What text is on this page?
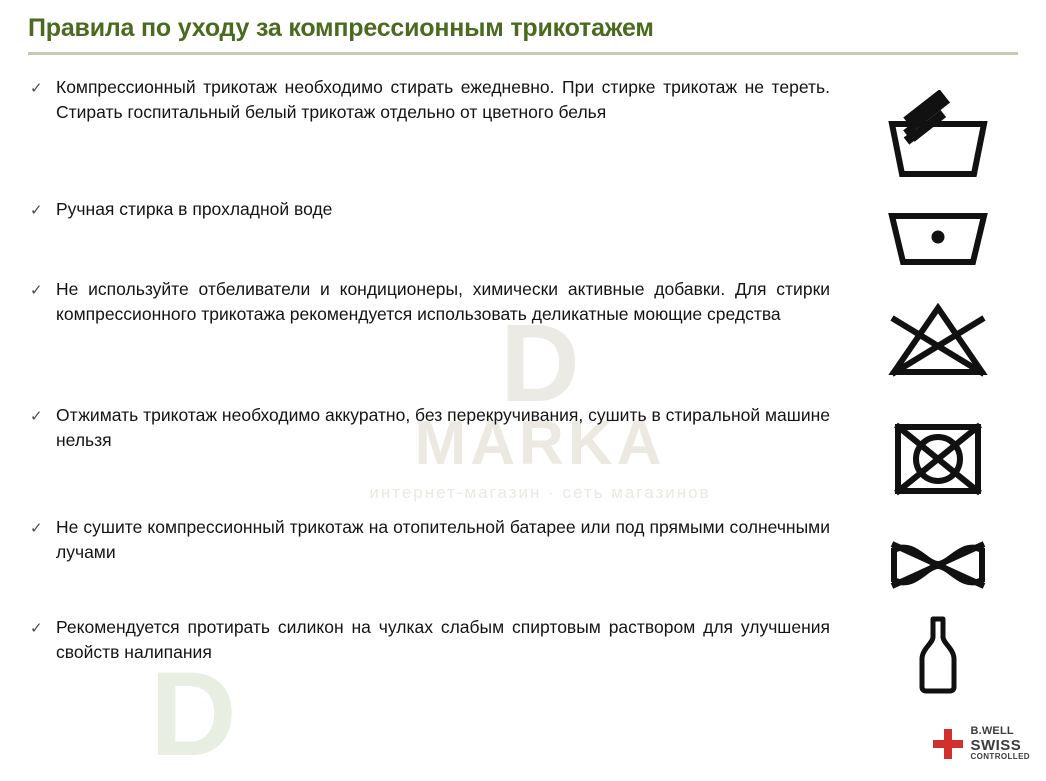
D
MARKA
интернет-магазин · сеть магазинов
D
Правила по уходу за компрессионным трикотажем
✓ Компрессионный трикотаж необходимо стирать ежедневно. При стирке трикотаж не тереть. Стирать госпитальный белый трикотаж отдельно от цветного белья
✓ Ручная стирка в прохладной воде
✓ Не используйте отбеливатели и кондиционеры, химически активные добавки. Для стирки компрессионного трикотажа рекомендуется использовать деликатные моющие средства
✓ Отжимать трикотаж необходимо аккуратно, без перекручивания, сушить в стиральной машине нельзя
✓ Не сушите компрессионный трикотаж на отопительной батарее или под прямыми солнечными лучами
✓ Рекомендуется протирать силикон на чулках слабым спиртовым раствором для улучшения свойств налипания
B.WELL
SWISS
CONTROLLED
